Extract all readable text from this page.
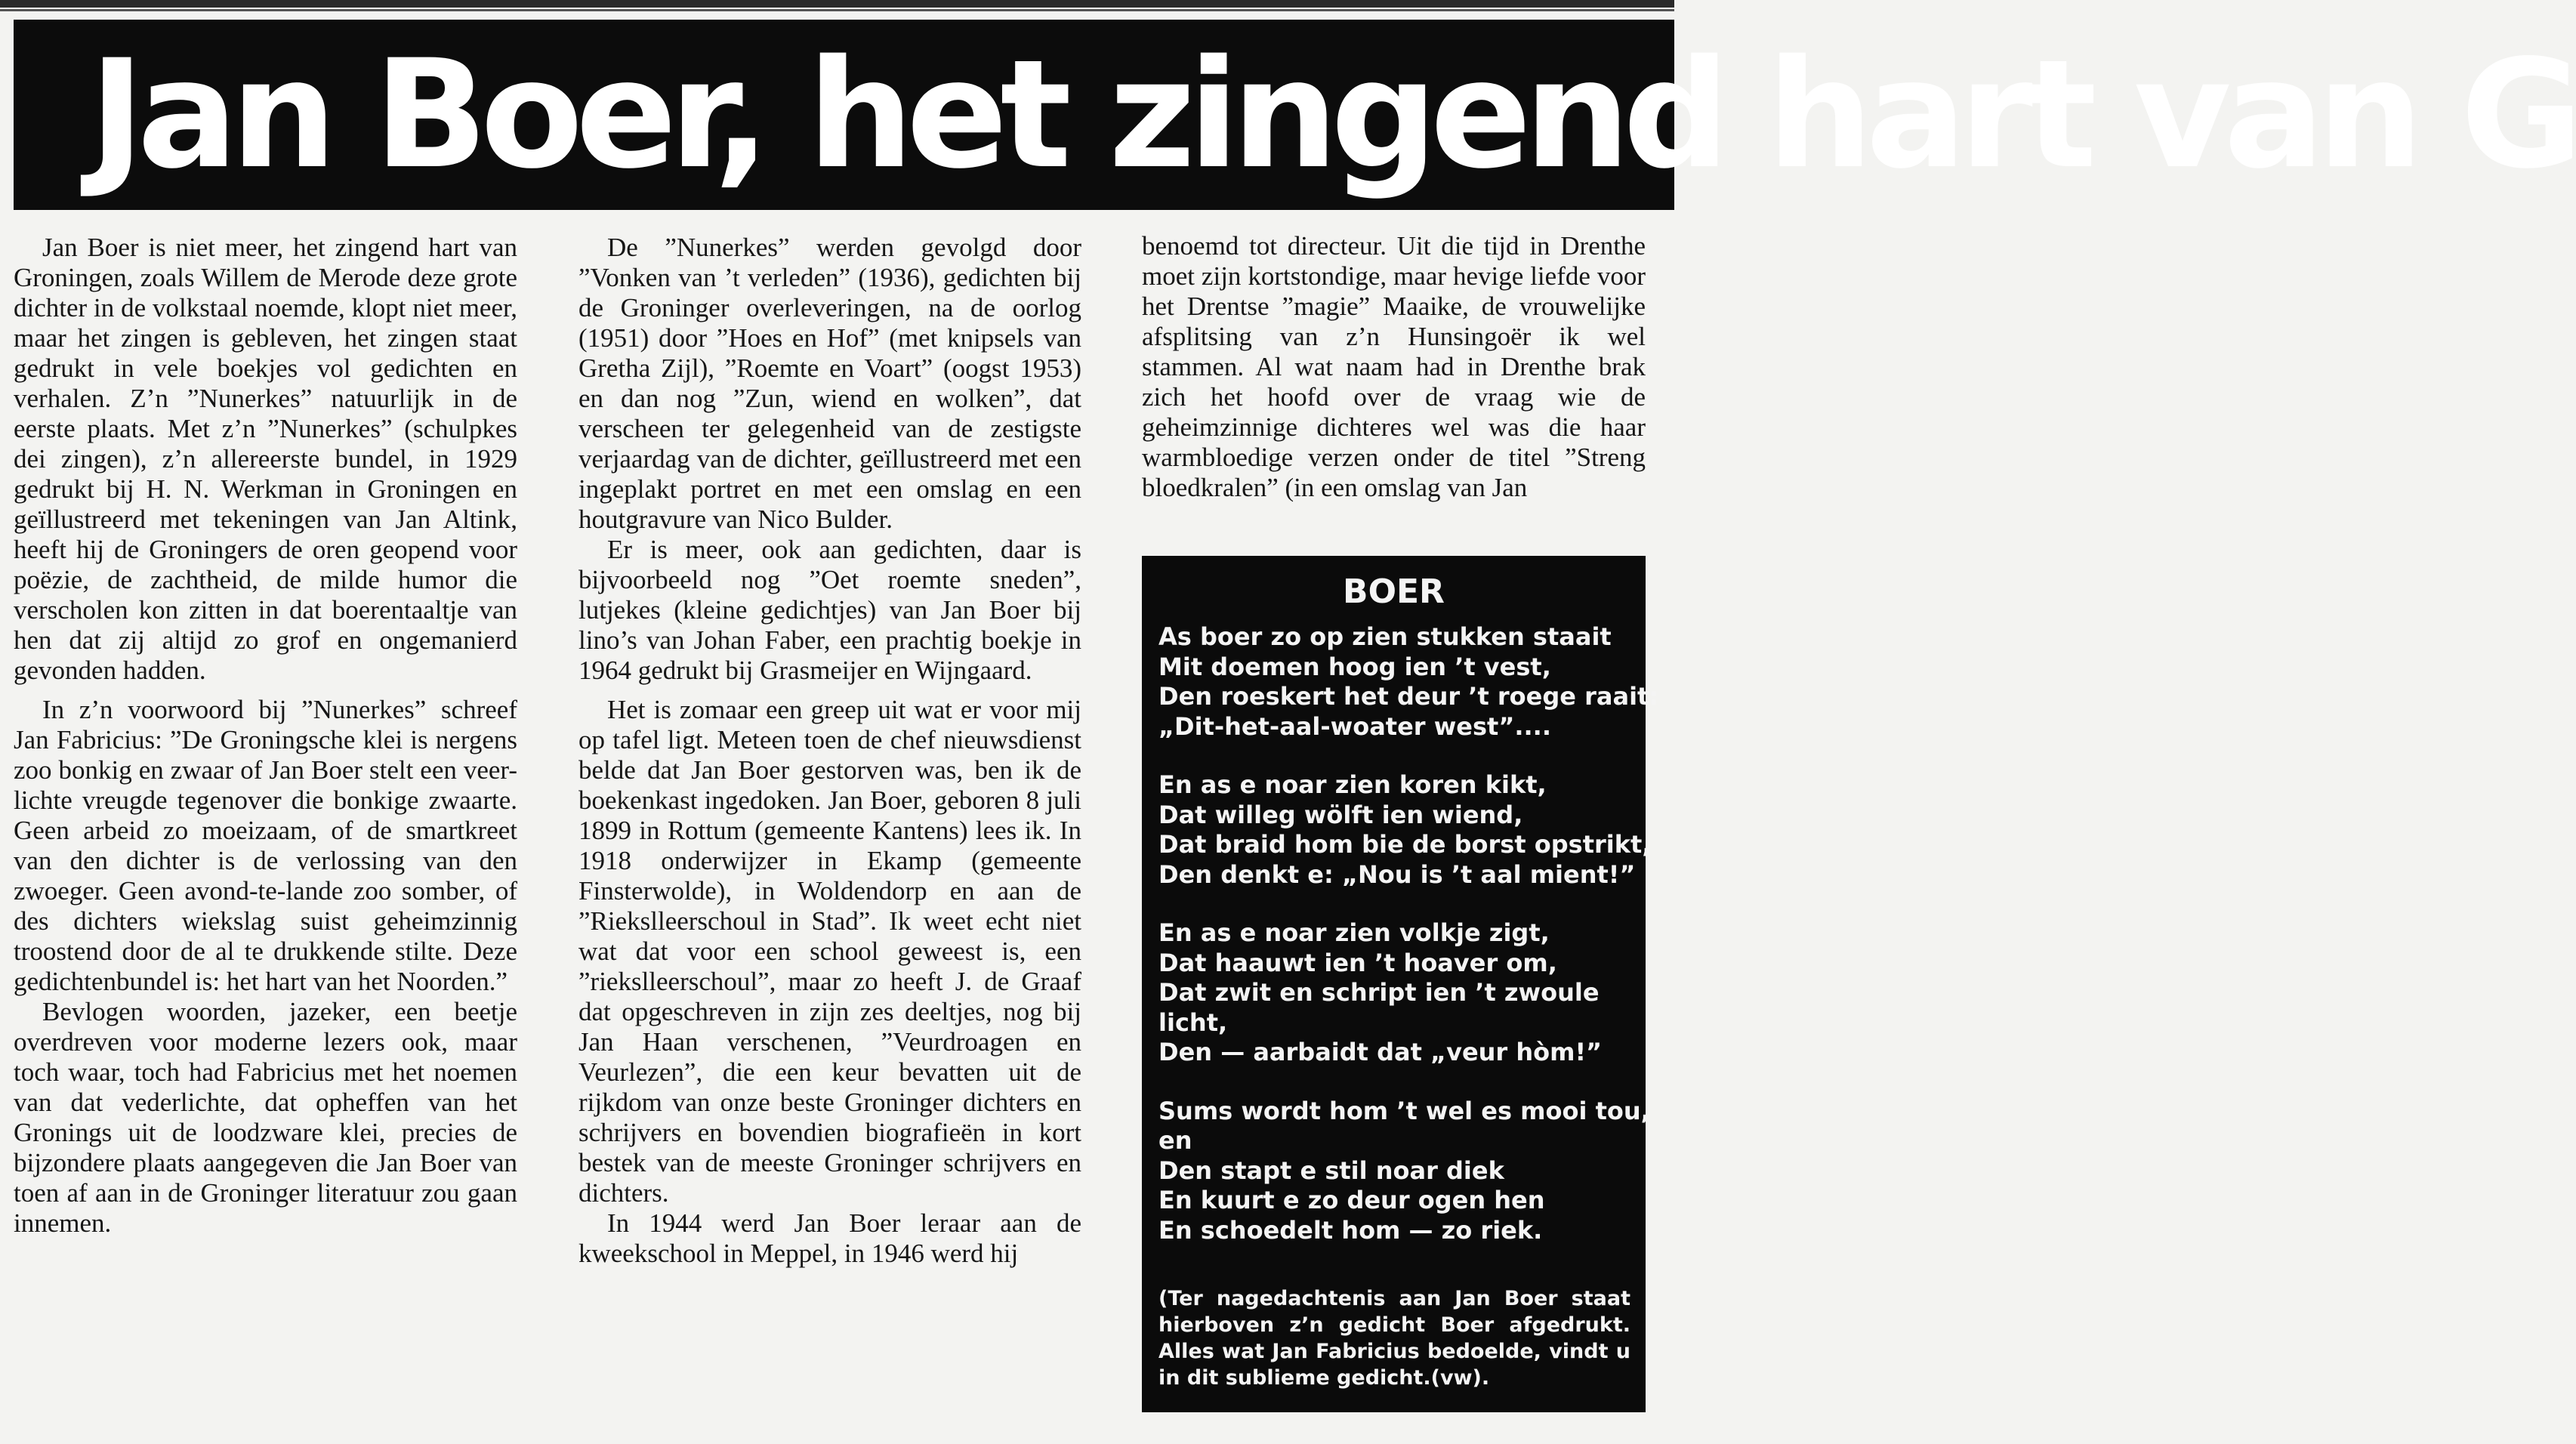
Jan Boer, het zingend hart van G

Jan Boer is niet meer, het zingend hart van Groningen, zoals Willem de Merode deze grote dichter in de volkstaal noemde, klopt niet meer, maar het zingen is gebleven, het zingen staat gedrukt in vele boekjes vol gedichten en verhalen. Z’n ”Nunerkes” natuurlijk in de eerste plaats. Met z’n ”Nunerkes” (schulpkes dei zingen), z’n allereerste bundel, in 1929 gedrukt bij H. N. Werkman in Groningen en geïllustreerd met tekeningen van Jan Altink, heeft hij de Groningers de oren geopend voor poëzie, de zachtheid, de milde humor die verscholen kon zitten in dat boerentaaltje van hen dat zij altijd zo grof en ongemanierd gevonden hadden.

In z’n voorwoord bij ”Nunerkes” schreef Jan Fabricius: ”De Groningsche klei is nergens zoo bonkig en zwaar of Jan Boer stelt een veer-lichte vreugde tegenover die bonkige zwaarte. Geen arbeid zo moeizaam, of de smartkreet van den dichter is de verlossing van den zwoeger. Geen avond-te-lande zoo somber, of des dichters wiekslag suist geheimzinnig troostend door de al te drukkende stilte. Deze gedichtenbundel is: het hart van het Noorden.”

Bevlogen woorden, jazeker, een beetje overdreven voor moderne lezers ook, maar toch waar, toch had Fabricius met het noemen van dat vederlichte, dat opheffen van het Gronings uit de loodzware klei, precies de bijzondere plaats aangegeven die Jan Boer van toen af aan in de Groninger literatuur zou gaan innemen.

De ”Nunerkes” werden gevolgd door ”Vonken van ’t verleden” (1936), gedichten bij de Groninger overleveringen, na de oorlog (1951) door ”Hoes en Hof” (met knipsels van Gretha Zijl), ”Roemte en Voart” (oogst 1953) en dan nog ”Zun, wiend en wolken”, dat verscheen ter gelegenheid van de zestigste verjaardag van de dichter, geïllustreerd met een ingeplakt portret en met een omslag en een houtgravure van Nico Bulder.

Er is meer, ook aan gedichten, daar is bijvoorbeeld nog ”Oet roemte sneden”, lutjekes (kleine gedichtjes) van Jan Boer bij lino’s van Johan Faber, een prachtig boekje in 1964 gedrukt bij Grasmeijer en Wijngaard.

Het is zomaar een greep uit wat er voor mij op tafel ligt. Meteen toen de chef nieuwsdienst belde dat Jan Boer gestorven was, ben ik de boekenkast ingedoken. Jan Boer, geboren 8 juli 1899 in Rottum (gemeente Kantens) lees ik. In 1918 onderwijzer in Ekamp (gemeente Finsterwolde), in Woldendorp en aan de ”Riekslleerschoul in Stad”. Ik weet echt niet wat dat voor een school geweest is, een ”riekslleerschoul”, maar zo heeft J. de Graaf dat opgeschreven in zijn zes deeltjes, nog bij Jan Haan verschenen, ”Veurdroagen en Veurlezen”, die een keur bevatten uit de rijkdom van onze beste Groninger dichters en schrijvers en bovendien biografieën in kort bestek van de meeste Groninger schrijvers en dichters.

In 1944 werd Jan Boer leraar aan de kweekschool in Meppel, in 1946 werd hij

benoemd tot directeur. Uit die tijd in Drenthe moet zijn kortstondige, maar hevige liefde voor het Drentse ”magie” Maaike, de vrouwelijke afsplitsing van z’n Hunsingoër ik wel stammen. Al wat naam had in Drenthe brak zich het hoofd over de vraag wie de geheimzinnige dichteres wel was die haar warmbloedige verzen onder de titel ”Streng bloedkralen” (in een omslag van Jan

BOER
As boer zo op zien stukken staait
Mit doemen hoog ien ’t vest,
Den roeskert het deur ’t roege raait:
„Dit-het-aal-woater west”....
En as e noar zien koren kikt,
Dat willeg wölft ien wiend,
Dat braid hom bie de borst opstrikt,
Den denkt e: „Nou is ’t aal mient!”
En as e noar zien volkje zigt,
Dat haauwt ien ’t hoaver om,
Dat zwit en schript ien ’t zwoule
licht,
Den — aarbaidt dat „veur hòm!”
Sums wordt hom ’t wel es mooi tou,
en
Den stapt e stil noar diek
En kuurt e zo deur ogen hen
En schoedelt hom — zo riek.
(Ter nagedachtenis aan Jan Boer staat hierboven z’n gedicht Boer afgedrukt. Alles wat Jan Fabricius bedoelde, vindt u in dit sublieme gedicht.(vw).
